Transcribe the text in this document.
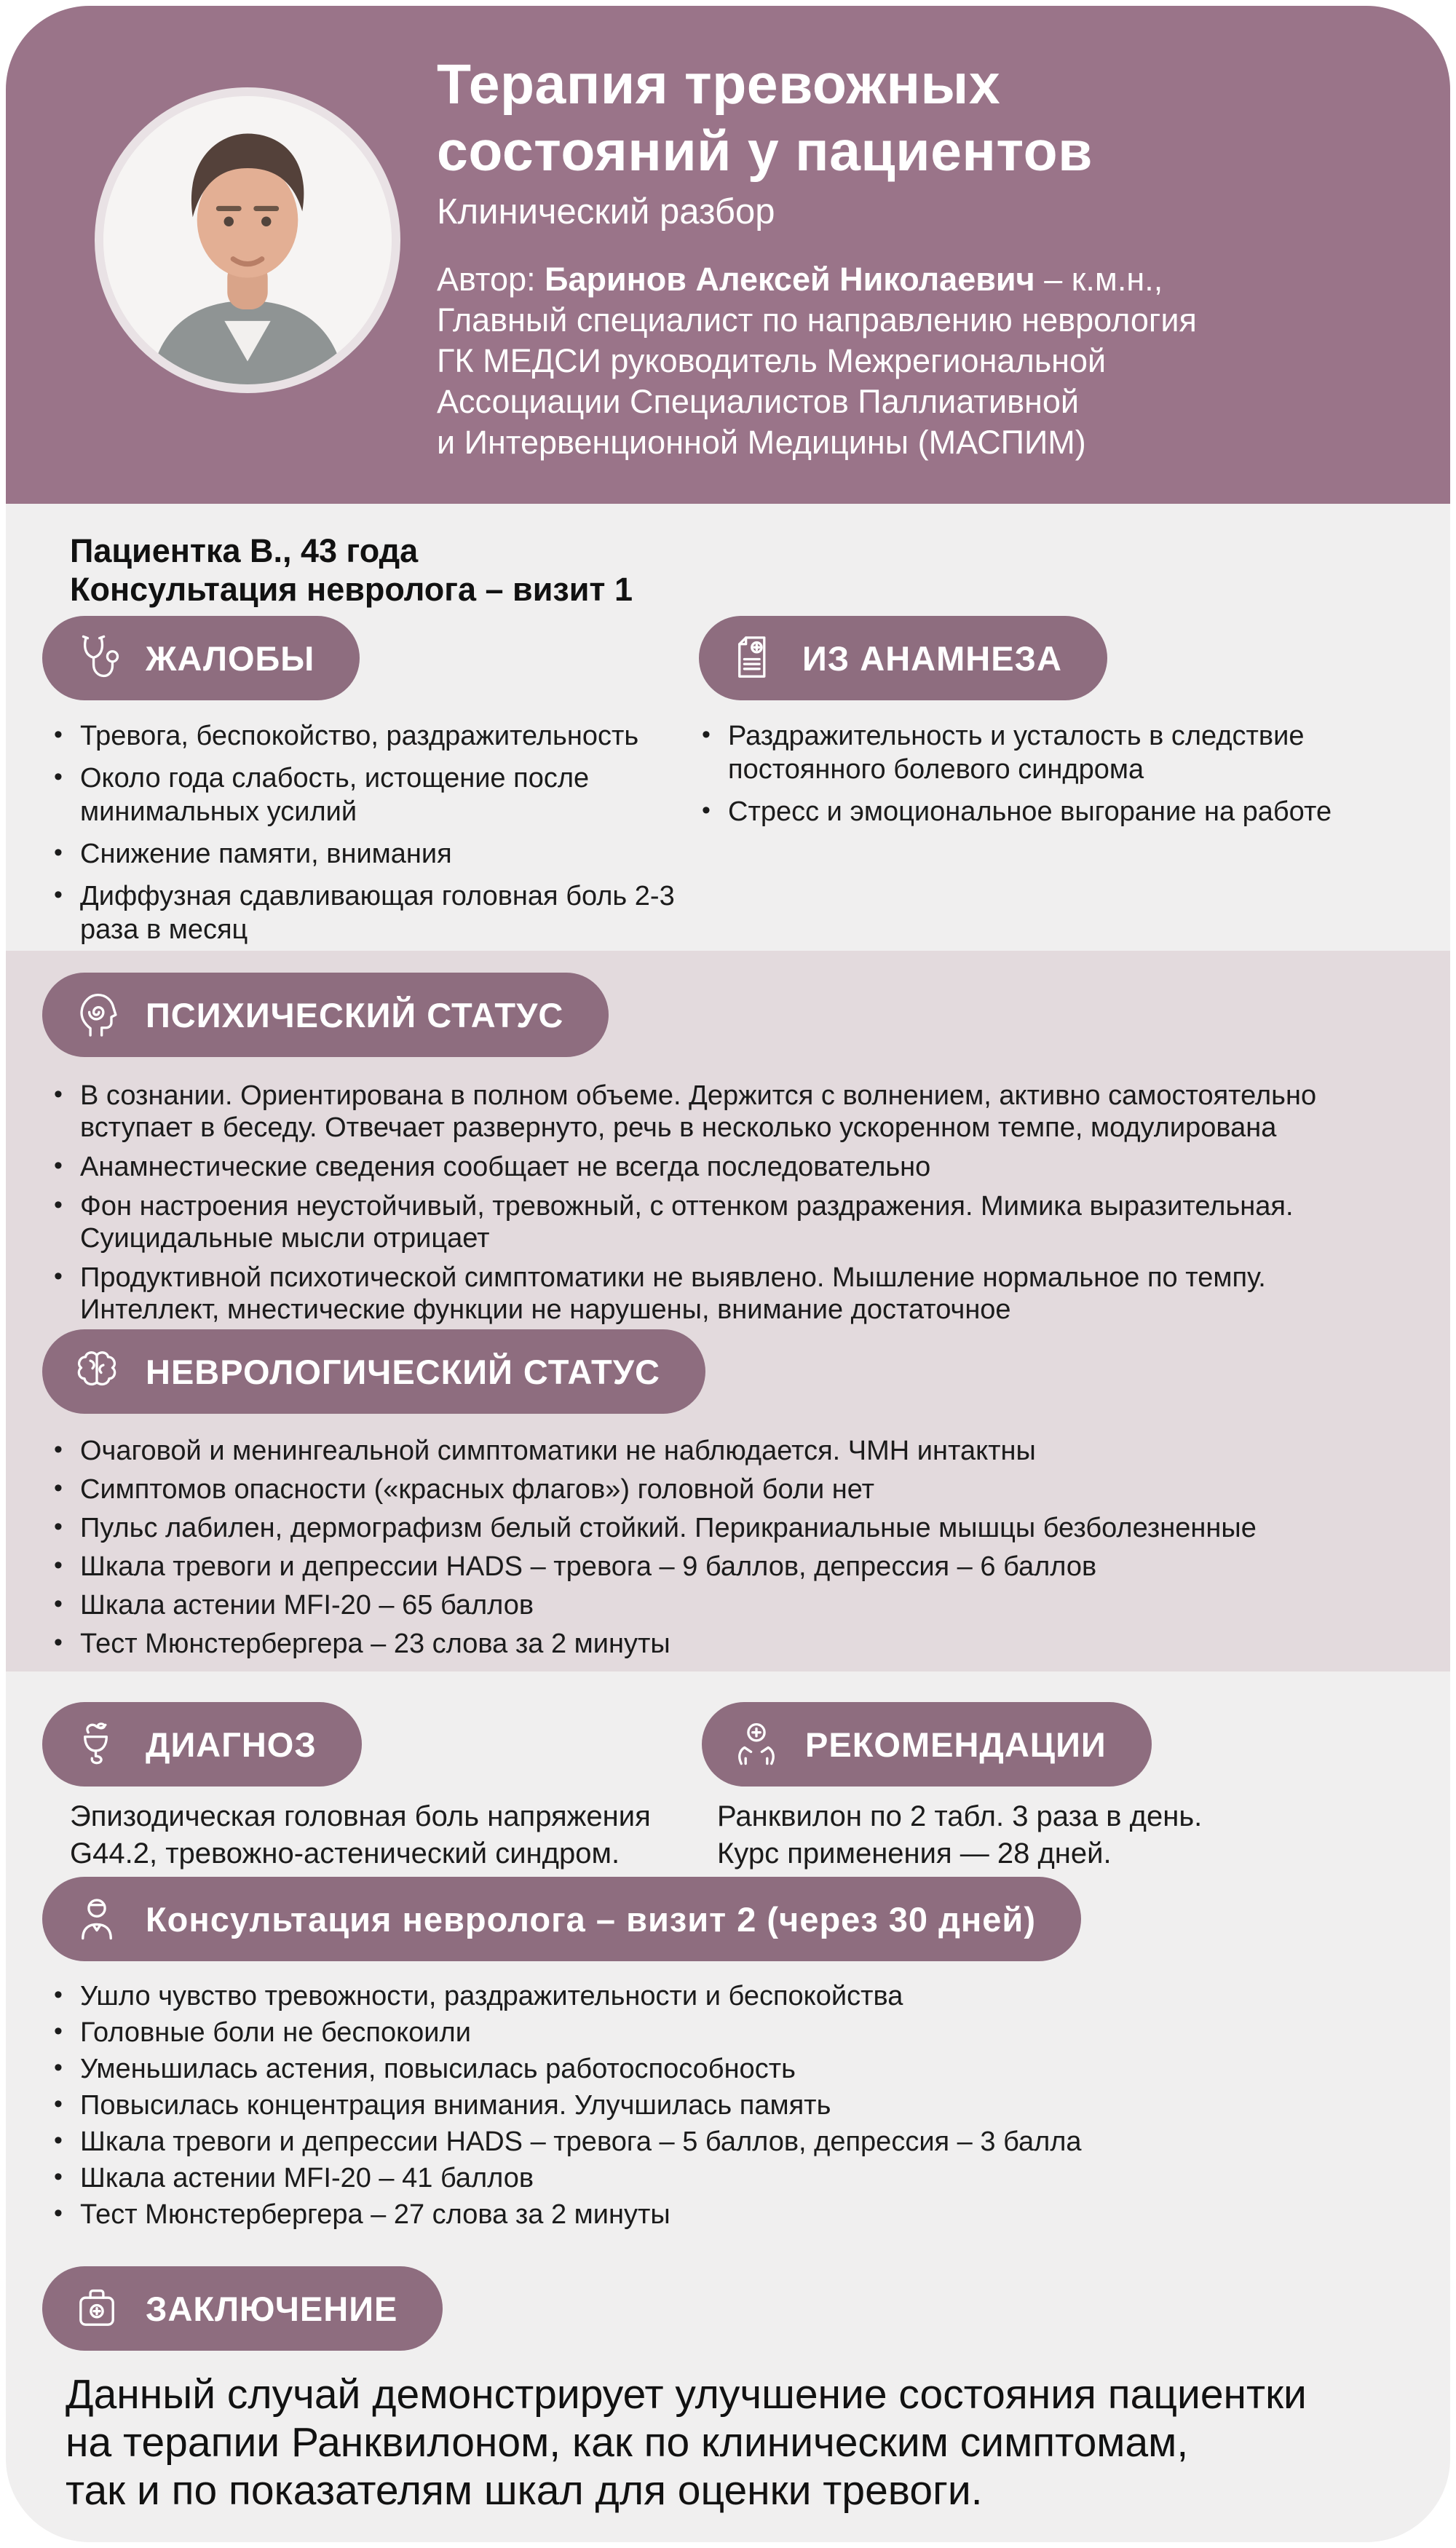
Терапия тревожных
состояний у пациентов
Клинический разбор
Автор: Баринов Алексей Николаевич – к.м.н.,
Главный специалист по направлению неврология
ГК МЕДСИ руководитель Межрегиональной
Ассоциации Специалистов Паллиативной
и Интервенционной Медицины (МАСПИМ)
Пациентка В., 43 года
Консультация невролога – визит 1
ЖАЛОБЫ
• Тревога, беспокойство, раздражительность
• Около года слабость, истощение после минимальных усилий
• Снижение памяти, внимания
• Диффузная сдавливающая головная боль 2-3 раза в месяц
ИЗ АНАМНЕЗА
• Раздражительность и усталость в следствие постоянного болевого синдрома
• Стресс и эмоциональное выгорание на работе
ПСИХИЧЕСКИЙ СТАТУС
• В сознании. Ориентирована в полном объеме. Держится с волнением, активно самостоятельно вступает в беседу. Отвечает развернуто, речь в несколько ускоренном темпе, модулирована
• Анамнестические сведения сообщает не всегда последовательно
• Фон настроения неустойчивый, тревожный, с оттенком раздражения. Мимика выразительная. Суицидальные мысли отрицает
• Продуктивной психотической симптоматики не выявлено. Мышление нормальное по темпу. Интеллект, мнестические функции не нарушены, внимание достаточное
НЕВРОЛОГИЧЕСКИЙ СТАТУС
• Очаговой и менингеальной симптоматики не наблюдается. ЧМН интактны
• Симптомов опасности («красных флагов») головной боли нет
• Пульс лабилен, дермографизм белый стойкий. Перикраниальные мышцы безболезненные
• Шкала тревоги и депрессии HADS – тревога – 9 баллов, депрессия – 6 баллов
• Шкала астении MFI-20 – 65 баллов
• Тест Мюнстербергера – 23 слова за 2 минуты
ДИАГНОЗ
Эпизодическая головная боль напряжения
G44.2, тревожно-астенический синдром.
РЕКОМЕНДАЦИИ
Ранквилон по 2 табл. 3 раза в день.
Курс применения — 28 дней.
Консультация невролога – визит 2 (через 30 дней)
• Ушло чувство тревожности, раздражительности и беспокойства
• Головные боли не беспокоили
• Уменьшилась астения, повысилась работоспособность
• Повысилась концентрация внимания. Улучшилась память
• Шкала тревоги и депрессии HADS – тревога – 5 баллов, депрессия – 3 балла
• Шкала астении MFI-20 – 41 баллов
• Тест Мюнстербергера – 27 слова за 2 минуты
ЗАКЛЮЧЕНИЕ
Данный случай демонстрирует улучшение состояния пациентки
на терапии Ранквилоном, как по клиническим симптомам,
так и по показателям шкал для оценки тревоги.
